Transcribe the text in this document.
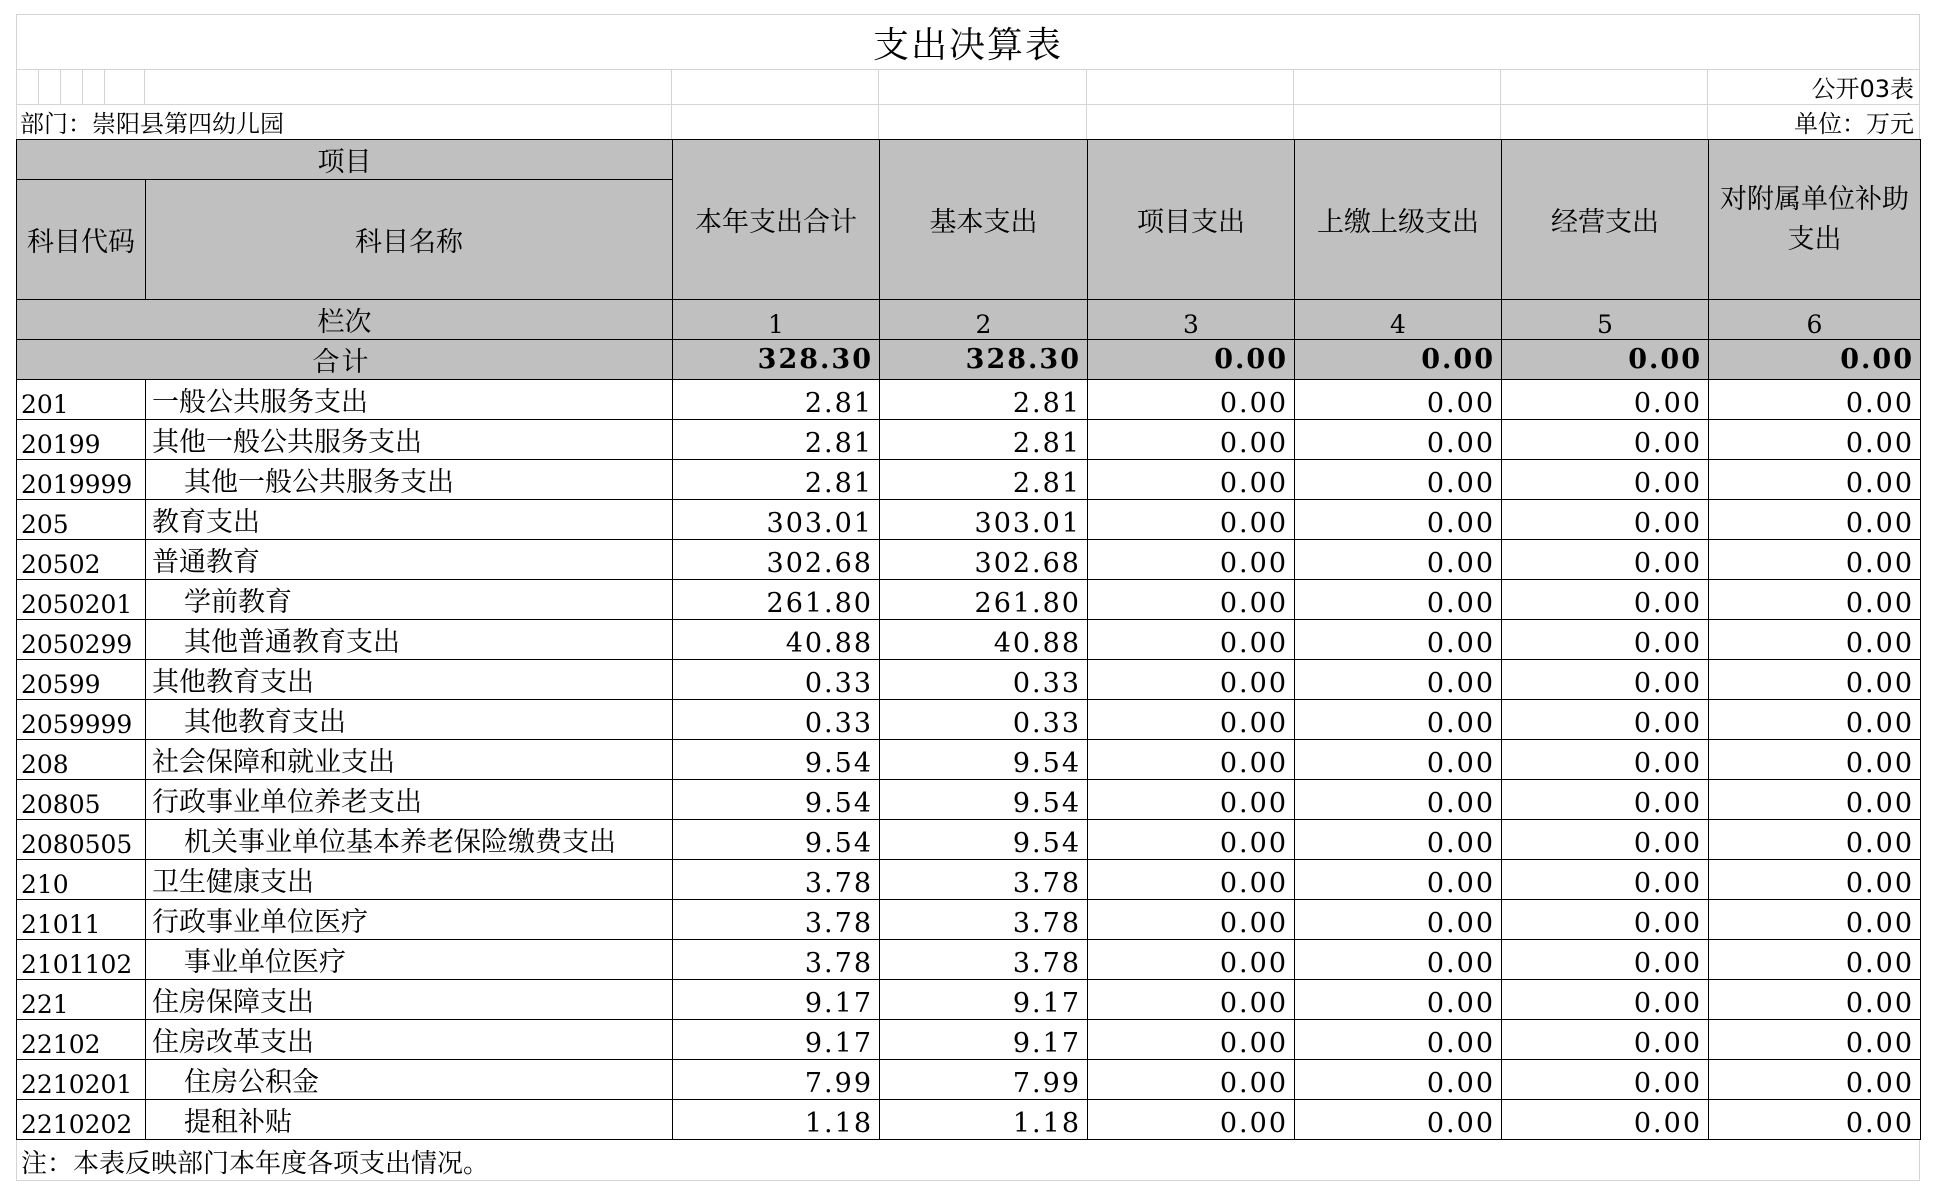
支出决算表
公开03表
部门：崇阳县第四幼儿园	单位：万元
项目		本年支出合计	基本支出	项目支出	上缴上级支出	经营支出	对附属单位补助支出
科目代码	科目名称						
栏次		1	2	3	4	5	6
合计		328.30	328.30	0.00	0.00	0.00	0.00
201	一般公共服务支出	2.81	2.81	0.00	0.00	0.00	0.00
20199	其他一般公共服务支出	2.81	2.81	0.00	0.00	0.00	0.00
2019999	其他一般公共服务支出	2.81	2.81	0.00	0.00	0.00	0.00
205	教育支出	303.01	303.01	0.00	0.00	0.00	0.00
20502	普通教育	302.68	302.68	0.00	0.00	0.00	0.00
2050201	学前教育	261.80	261.80	0.00	0.00	0.00	0.00
2050299	其他普通教育支出	40.88	40.88	0.00	0.00	0.00	0.00
20599	其他教育支出	0.33	0.33	0.00	0.00	0.00	0.00
2059999	其他教育支出	0.33	0.33	0.00	0.00	0.00	0.00
208	社会保障和就业支出	9.54	9.54	0.00	0.00	0.00	0.00
20805	行政事业单位养老支出	9.54	9.54	0.00	0.00	0.00	0.00
2080505	机关事业单位基本养老保险缴费支出	9.54	9.54	0.00	0.00	0.00	0.00
210	卫生健康支出	3.78	3.78	0.00	0.00	0.00	0.00
21011	行政事业单位医疗	3.78	3.78	0.00	0.00	0.00	0.00
2101102	事业单位医疗	3.78	3.78	0.00	0.00	0.00	0.00
221	住房保障支出	9.17	9.17	0.00	0.00	0.00	0.00
22102	住房改革支出	9.17	9.17	0.00	0.00	0.00	0.00
2210201	住房公积金	7.99	7.99	0.00	0.00	0.00	0.00
2210202	提租补贴	1.18	1.18	0.00	0.00	0.00	0.00
注：本表反映部门本年度各项支出情况。
